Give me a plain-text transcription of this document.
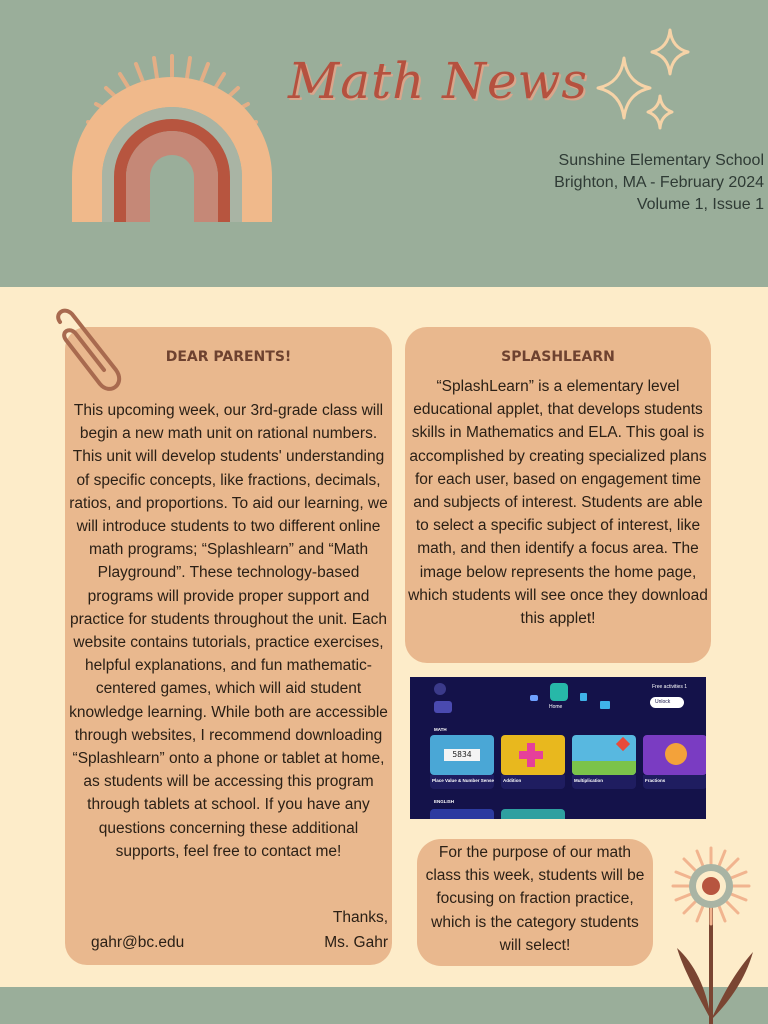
Math News
Sunshine Elementary School
Brighton, MA - February 2024
Volume 1, Issue 1
DEAR PARENTS!
This upcoming week, our 3rd-grade class will begin a new math unit on rational numbers. This unit will develop students' understanding of specific concepts, like fractions, decimals, ratios, and proportions. To aid our learning, we will introduce students to two different online math programs; “Splashlearn” and “Math Playground”. These technology-based programs will provide proper support and practice for students throughout the unit. Each website contains tutorials, practice exercises, helpful explanations, and fun mathematic-centered games, which will aid student knowledge learning. While both are accessible through websites, I recommend downloading “Splashlearn” onto a phone or tablet at home, as students will be accessing this program through tablets at school. If you have any questions concerning these additional supports, feel free to contact me!
Thanks,
gahr@bc.edu	Ms. Gahr
SPLASHLEARN
“SplashLearn” is a elementary level educational applet, that develops students skills in Mathematics and ELA. This goal is accomplished by creating specialized plans for each user, based on engagement time and subjects of interest. Students are able to select a specific subject of interest, like math, and then identify a focus area. The image below represents the home page, which students will see once they download this applet!
Home
Free activities 1
Unlock
MATH
5834
Place Value & Number Sense Addition	Multiplication	Fractions
ENGLISH
For the purpose of our math class this week, students will be focusing on fraction practice, which is the category students will select!
